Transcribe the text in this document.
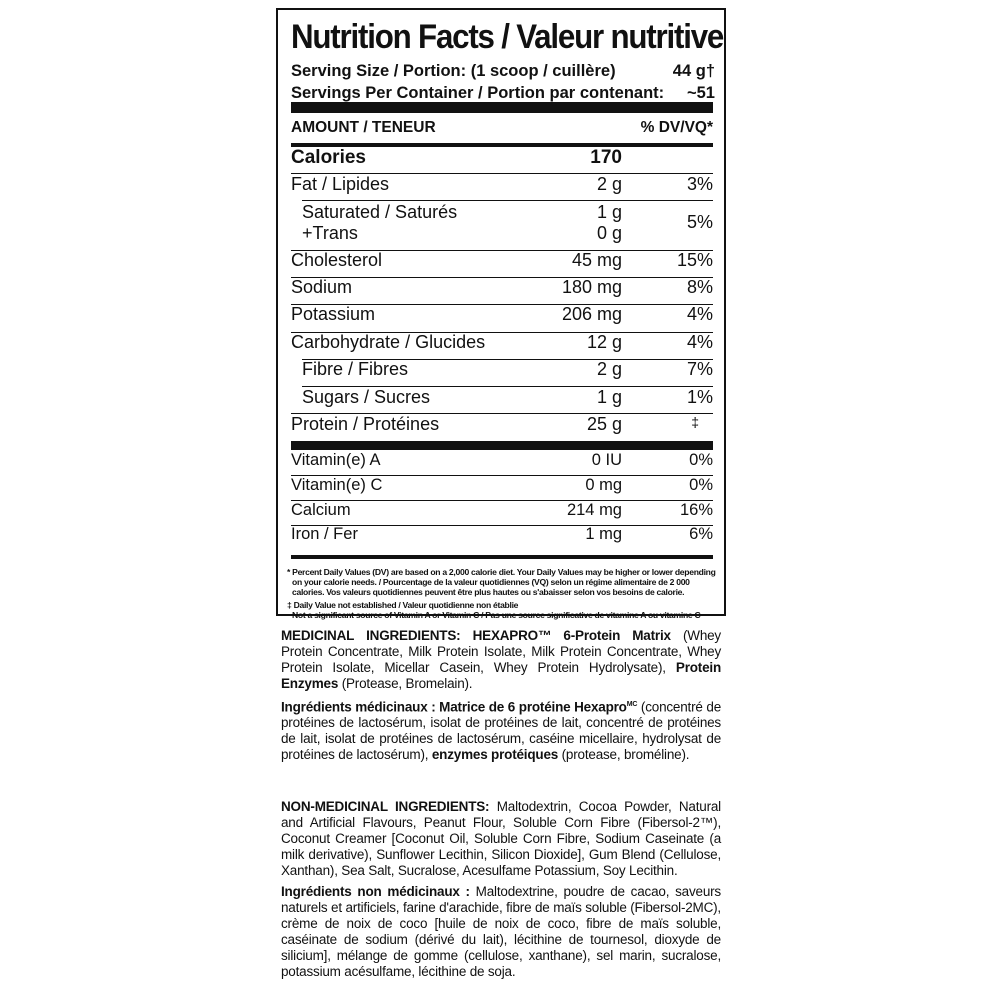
Nutrition Facts / Valeur nutritive
Serving Size / Portion: (1 scoop / cuillère)	44 g†
Servings Per Container / Portion par contenant: ~51
AMOUNT / TENEUR	% DV/VQ*
Calories	170
Fat / Lipides	2 g	3%
Saturated / Saturés	1 g	5%
+Trans	0 g
Cholesterol	45 mg	15%
Sodium	180 mg	8%
Potassium	206 mg	4%
Carbohydrate / Glucides	12 g	4%
Fibre / Fibres	2 g	7%
Sugars / Sucres	1 g	1%
Protein / Protéines	25 g	‡
Vitamin(e) A	0 IU	0%
Vitamin(e) C	0 mg	0%
Calcium	214 mg	16%
Iron / Fer	1 mg	6%
* Percent Daily Values (DV) are based on a 2,000 calorie diet. Your Daily Values may be higher or lower depending
on your calorie needs. / Pourcentage de la valeur quotidiennes (VQ) selon un régime alimentaire de 2 000
calories. Vos valeurs quotidiennes peuvent être plus hautes ou s'abaisser selon vos besoins de calorie.
‡ Daily Value not established / Valeur quotidienne non établie
Not a significant source of Vitamin A or Vitamin C / Pas une source significative de vitamine A ou vitamine C
MEDICINAL INGREDIENTS: HEXAPRO™ 6-Protein Matrix (Whey Protein Concentrate, Milk Protein Isolate, Milk Protein Concentrate, Whey Protein Isolate, Micellar Casein, Whey Protein Hydrolysate), Protein Enzymes (Protease, Bromelain).
Ingrédients médicinaux : Matrice de 6 protéine Hexapro$^{MC}$ (concentré de protéines de lactosérum, isolat de protéines de lait, concentré de protéines de lait, isolat de protéines de lactosérum, caséine micellaire, hydrolysat de protéines de lactosérum), enzymes protéiques (protease, broméline).
NON-MEDICINAL INGREDIENTS: Maltodextrin, Cocoa Powder, Natural and Artificial Flavours, Peanut Flour, Soluble Corn Fibre (Fibersol-2™), Coconut Creamer [Coconut Oil, Soluble Corn Fibre, Sodium Caseinate (a milk derivative), Sunflower Lecithin, Silicon Dioxide], Gum Blend (Cellulose, Xanthan), Sea Salt, Sucralose, Acesulfame Potassium, Soy Lecithin.
Ingrédients non médicinaux : Maltodextrine, poudre de cacao, saveurs naturels et artificiels, farine d'arachide, fibre de maïs soluble (Fibersol-2MC), crème de noix de coco [huile de noix de coco, fibre de maïs soluble, caséinate de sodium (dérivé du lait), lécithine de tournesol, dioxyde de silicium], mélange de gomme (cellulose, xanthane), sel marin, sucralose, potassium acésulfame, lécithine de soja.
